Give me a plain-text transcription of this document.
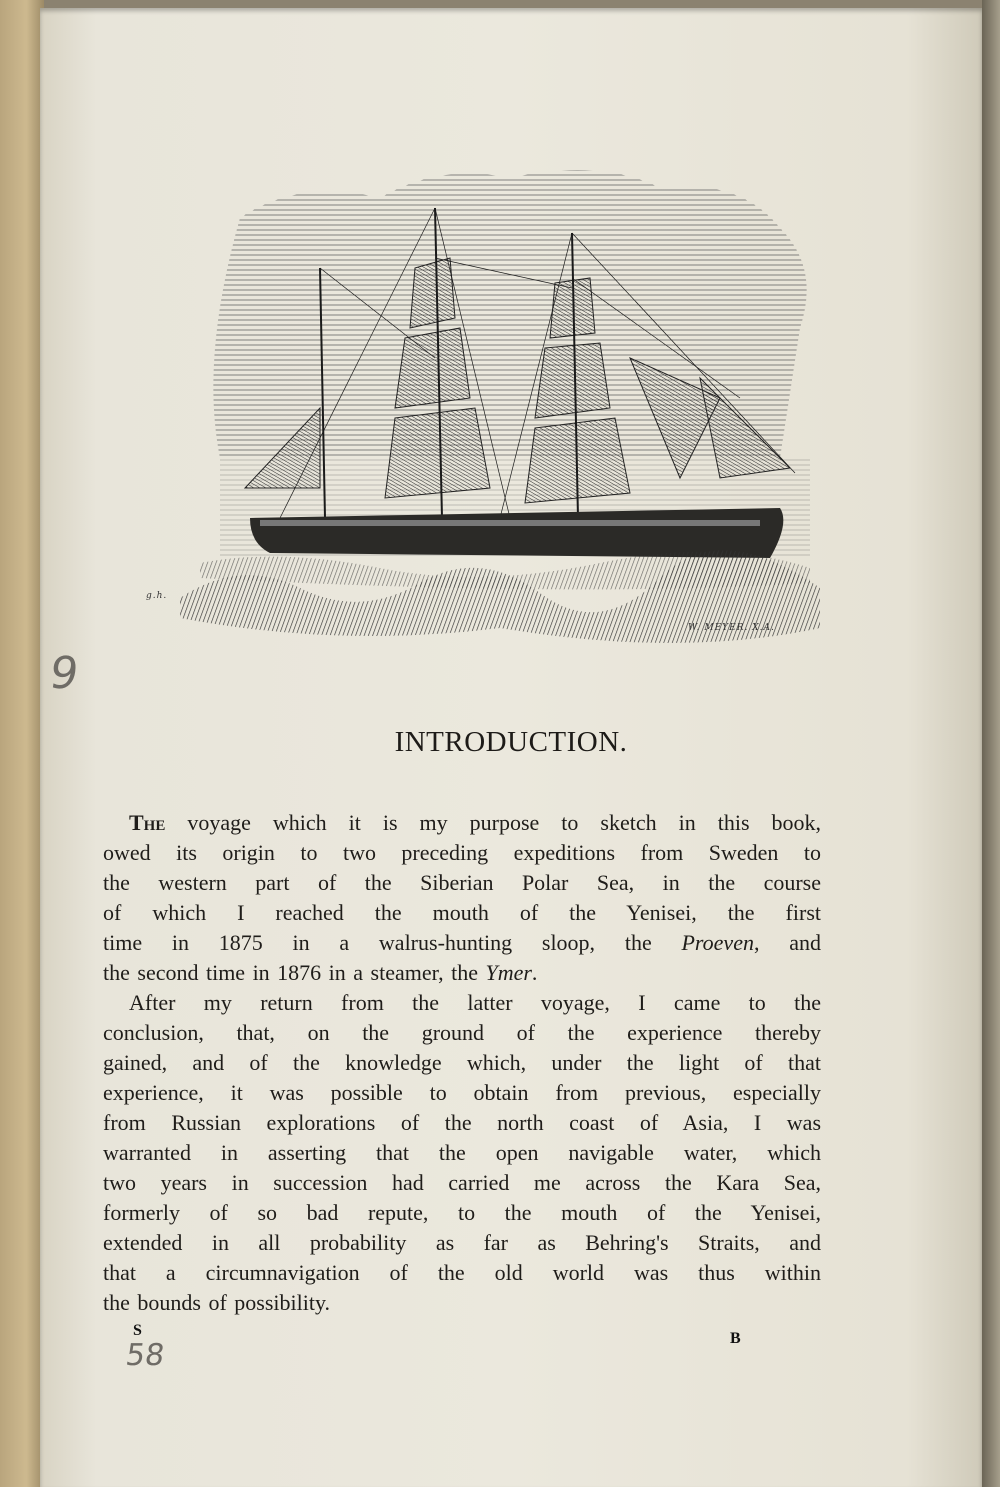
g.h.
W. MEYER. X.A.
INTRODUCTION.
The voyage which it is my purpose to sketch in this book,
owed its origin to two preceding expeditions from Sweden to
the western part of the Siberian Polar Sea, in the course
of which I reached the mouth of the Yenisei, the first
time in 1875 in a walrus-hunting sloop, the Proeven, and
the second time in 1876 in a steamer, the Ymer.
After my return from the latter voyage, I came to the
conclusion, that, on the ground of the experience thereby
gained, and of the knowledge which, under the light of that
experience, it was possible to obtain from previous, especially
from Russian explorations of the north coast of Asia, I was
warranted in asserting that the open navigable water, which
two years in succession had carried me across the Kara Sea,
formerly of so bad repute, to the mouth of the Yenisei,
extended in all probability as far as Behring's Straits, and
that a circumnavigation of the old world was thus within
the bounds of possibility.
S	B
9
58
